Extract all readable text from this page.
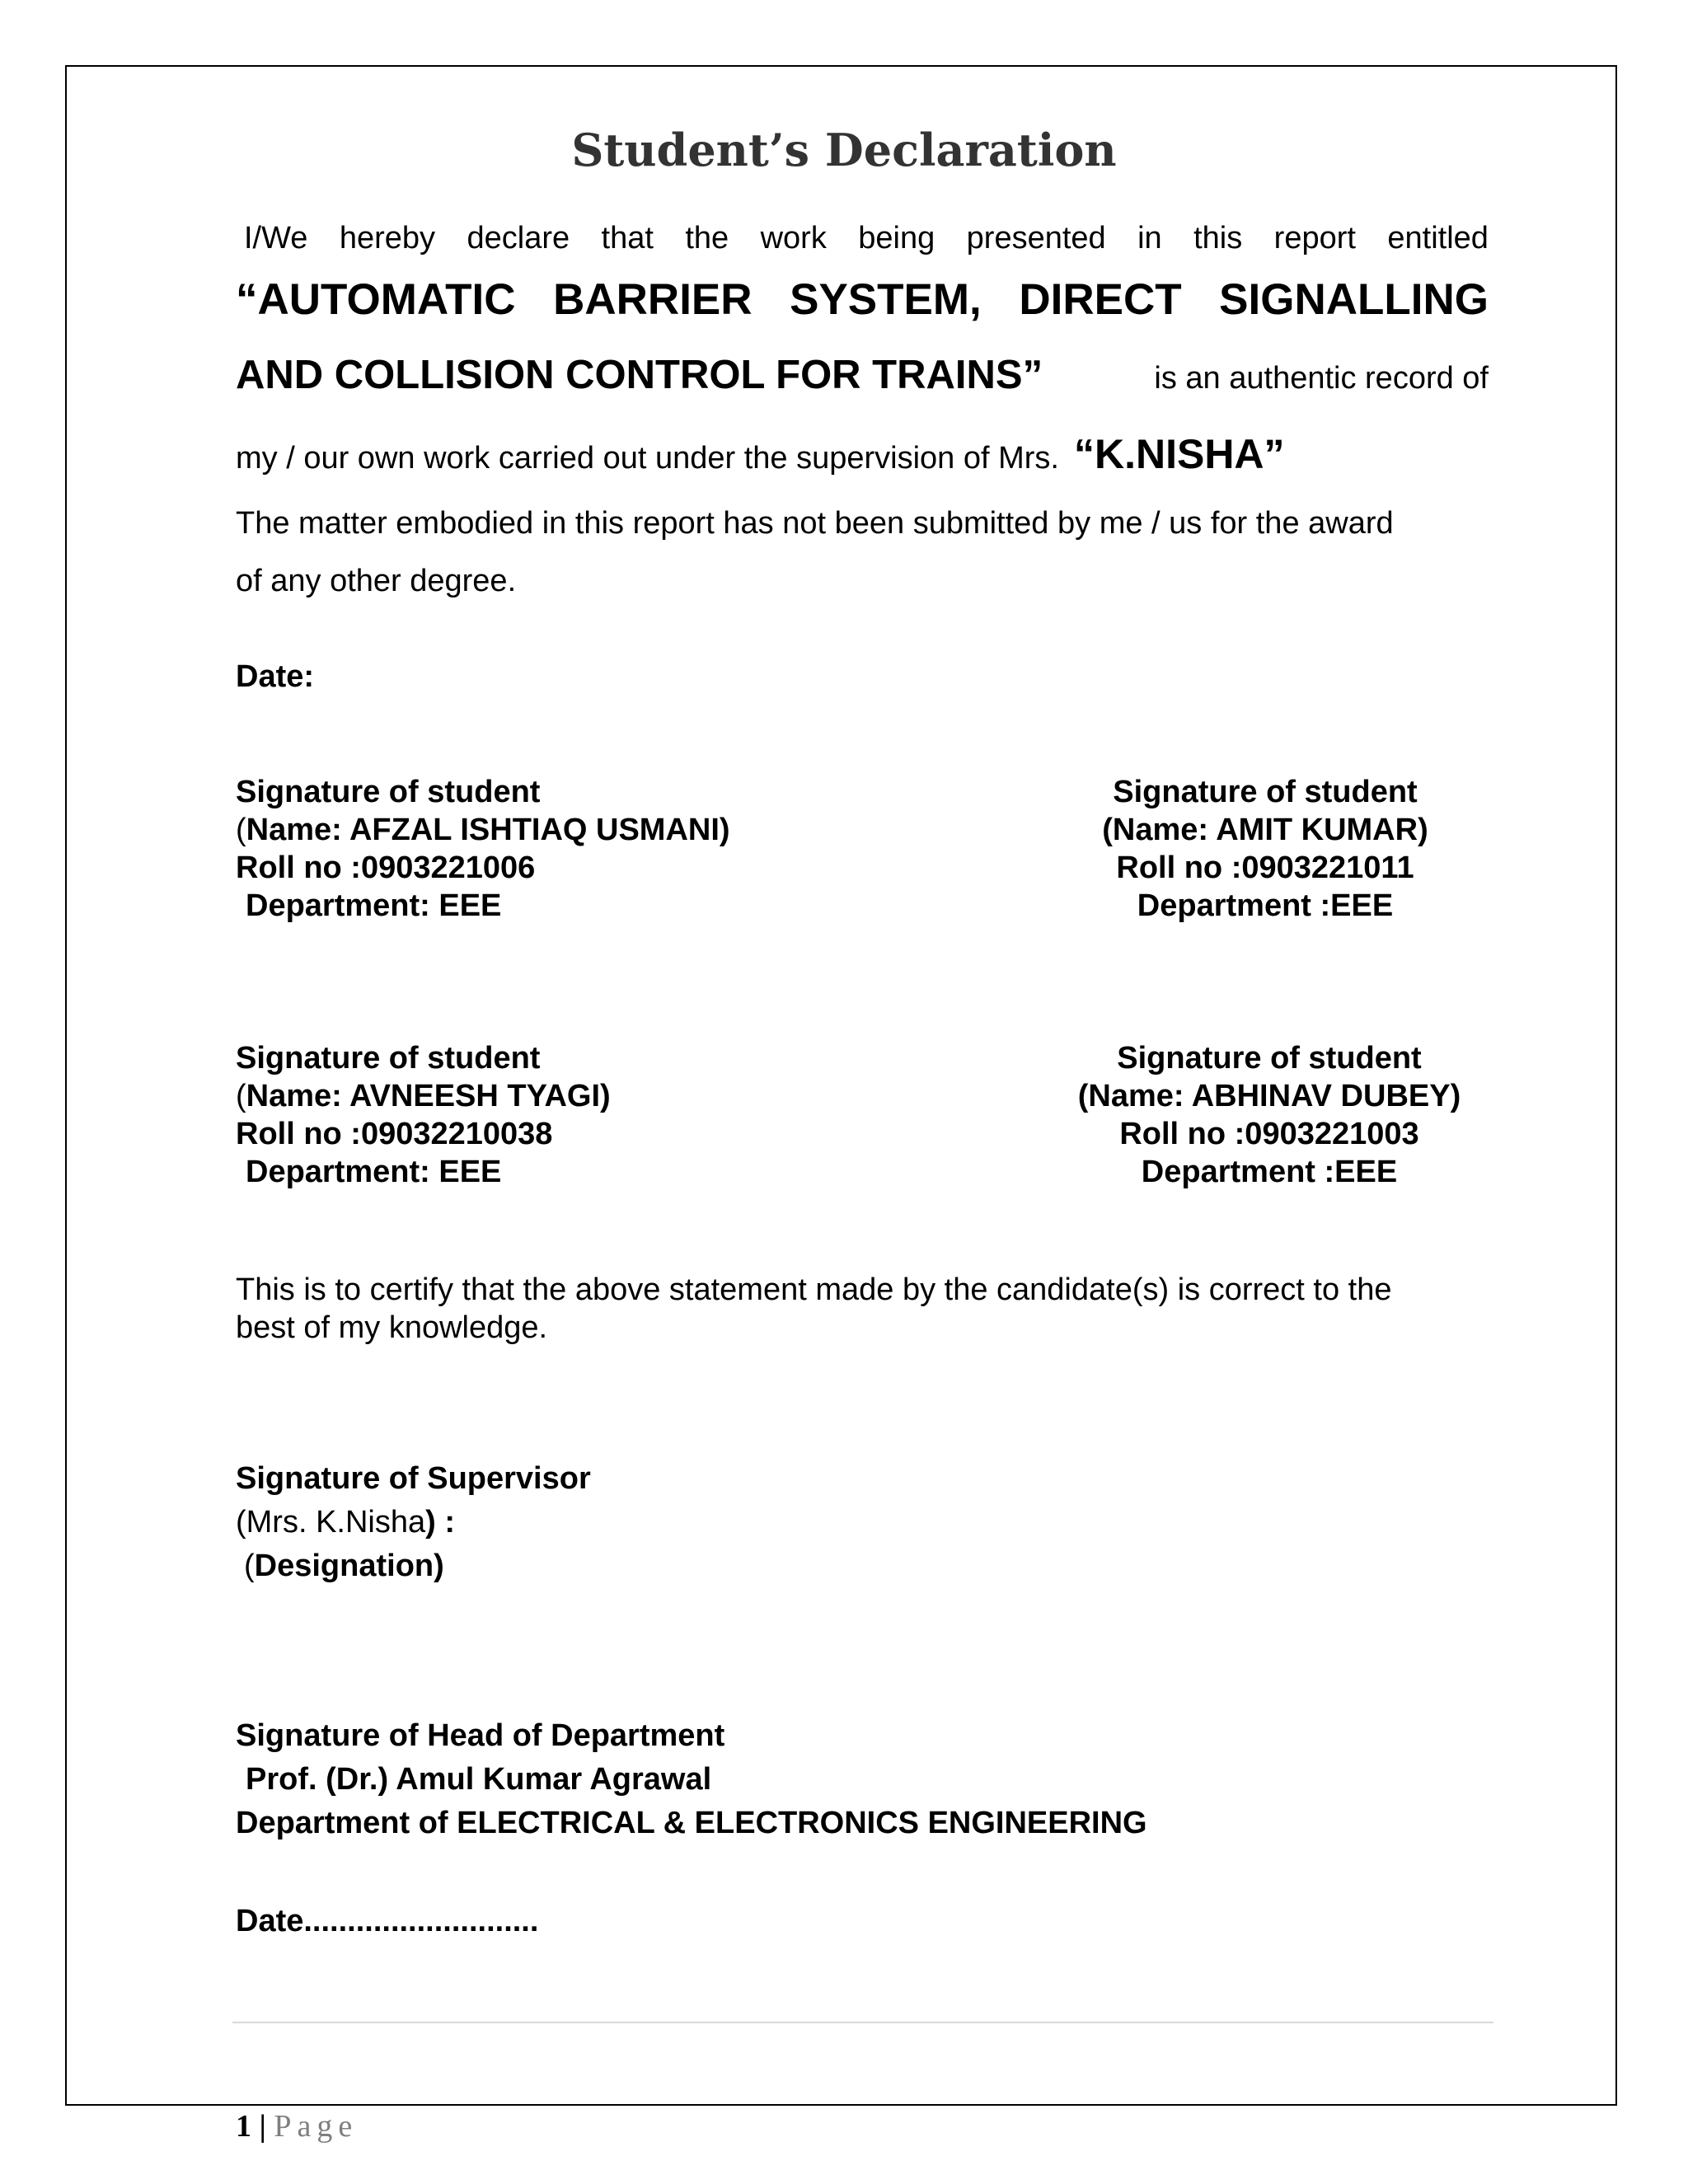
Student’s Declaration
I/We hereby declare that the work being presented in this report entitled
“AUTOMATIC BARRIER SYSTEM, DIRECT SIGNALLING
AND COLLISION CONTROL FOR TRAINS”	is an authentic record of
my / our own work carried out under the supervision of Mrs. “K.NISHA”
The matter embodied in this report has not been submitted by me / us for the award
of any other degree.
Date:
Signature of student
(Name: AFZAL ISHTIAQ USMANI)
Roll no :0903221006
Department: EEE
Signature of student
(Name: AMIT KUMAR)
Roll no :0903221011
Department :EEE
Signature of student
(Name: AVNEESH TYAGI)
Roll no :09032210038
Department: EEE
Signature of student
(Name: ABHINAV DUBEY)
Roll no :0903221003
Department :EEE
This is to certify that the above statement made by the candidate(s) is correct to the
best of my knowledge.
Signature of Supervisor
(Mrs. K.Nisha) :
(Designation)
Signature of Head of Department
Prof. (Dr.) Amul Kumar Agrawal
Department of ELECTRICAL & ELECTRONICS ENGINEERING
Date...........................
1 | Page
